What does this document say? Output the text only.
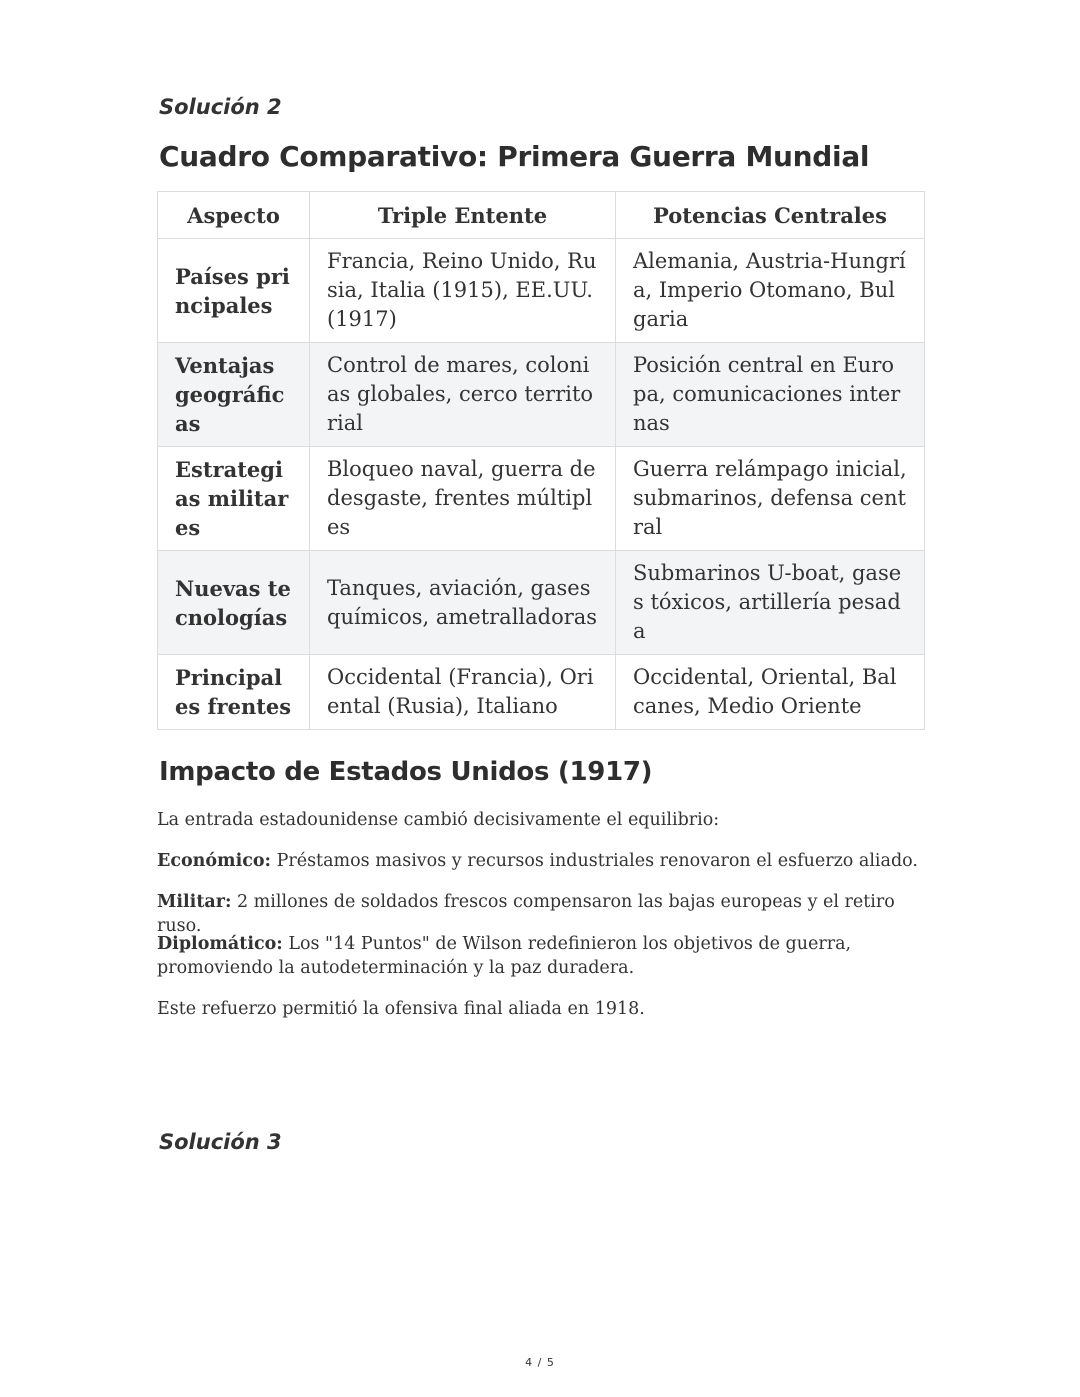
Solución 2
Cuadro Comparativo: Primera Guerra Mundial
Aspecto	Triple Entente	Potencias Centrales
Países principales	Francia, Reino Unido, Rusia, Italia (1915), EE.UU. (1917)	Alemania, Austria-Hungría, Imperio Otomano, Bulgaria
Ventajas geográficas	Control de mares, colonias globales, cerco territorial	Posición central en Europa, comunicaciones internas
Estrategias militares	Bloqueo naval, guerra de desgaste, frentes múltiples	Guerra relámpago inicial, submarinos, defensa central
Nuevas tecnologías	Tanques, aviación, gases químicos, ametralladoras	Submarinos U-boat, gases tóxicos, artillería pesada
Principales frentes	Occidental (Francia), Oriental (Rusia), Italiano	Occidental, Oriental, Balcanes, Medio Oriente
Impacto de Estados Unidos (1917)
La entrada estadounidense cambió decisivamente el equilibrio:
Económico: Préstamos masivos y recursos industriales renovaron el esfuerzo aliado.
Militar: 2 millones de soldados frescos compensaron las bajas europeas y el retiro ruso.
Diplomático: Los "14 Puntos" de Wilson redefinieron los objetivos de guerra, promoviendo la autodeterminación y la paz duradera.
Este refuerzo permitió la ofensiva final aliada en 1918.
Solución 3
4 / 5
